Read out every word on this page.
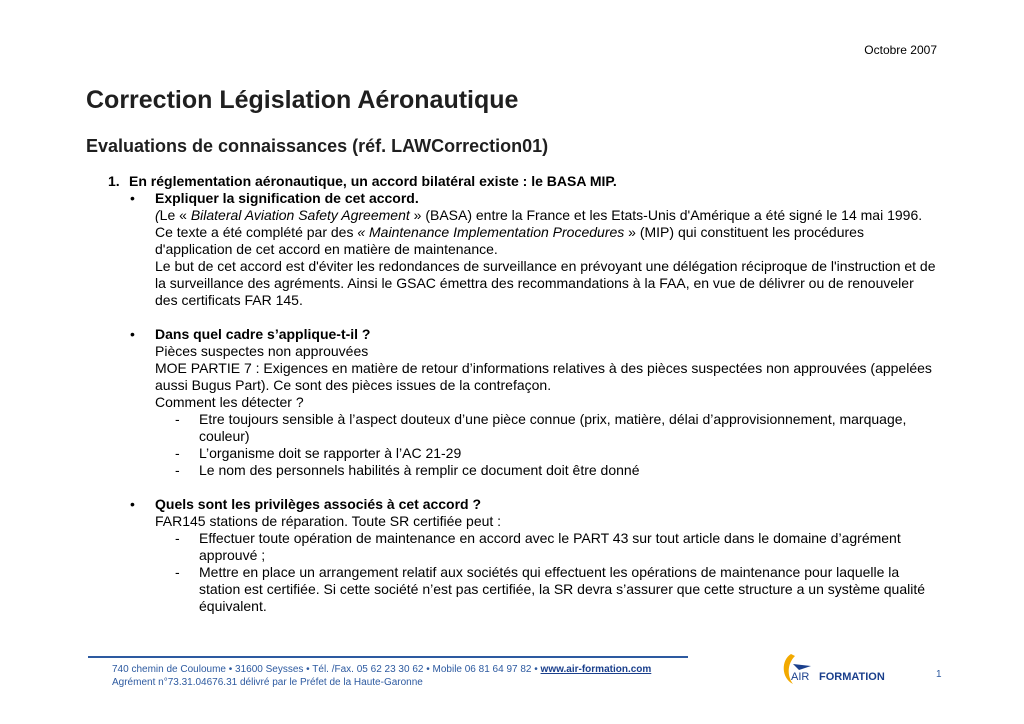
Octobre 2007
Correction Législation Aéronautique
Evaluations de connaissances (réf. LAWCorrection01)
1. En réglementation aéronautique, un accord bilatéral existe : le BASA MIP.
• Expliquer la signification de cet accord.
(Le « Bilateral Aviation Safety Agreement » (BASA) entre la France et les Etats-Unis d'Amérique a été signé le 14 mai 1996. Ce texte a été complété par des « Maintenance Implementation Procedures » (MIP) qui constituent les procédures d'application de cet accord en matière de maintenance.
Le but de cet accord est d'éviter les redondances de surveillance en prévoyant une délégation réciproque de l'instruction et de la surveillance des agréments. Ainsi le GSAC émettra des recommandations à la FAA, en vue de délivrer ou de renouveler des certificats FAR 145.
• Dans quel cadre s’applique-t-il ?
Pièces suspectes non approuvées
MOE PARTIE 7 : Exigences en matière de retour d’informations relatives à des pièces suspectées non approuvées (appelées aussi Bugus Part). Ce sont des pièces issues de la contrefaçon.
Comment les détecter ?
- Etre toujours sensible à l’aspect douteux d’une pièce connue (prix, matière, délai d’approvisionnement, marquage, couleur)
- L’organisme doit se rapporter à l’AC 21-29
- Le nom des personnels habilités à remplir ce document doit être donné
• Quels sont les privilèges associés à cet accord ?
FAR145 stations de réparation. Toute SR certifiée peut :
- Effectuer toute opération de maintenance en accord avec le PART 43 sur tout article dans le domaine d’agrément approuvé ;
- Mettre en place un arrangement relatif aux sociétés qui effectuent les opérations de maintenance pour laquelle la station est certifiée. Si cette société n’est pas certifiée, la SR devra s’assurer que cette structure a un système qualité équivalent.
740 chemin de Couloume • 31600 Seysses • Tél. /Fax. 05 62 23 30 62 • Mobile 06 81 64 97 82 • www.air-formation.com
Agrément n°73.31.04676.31 délivré par le Préfet de la Haute-Garonne	AIR FORMATION	1
